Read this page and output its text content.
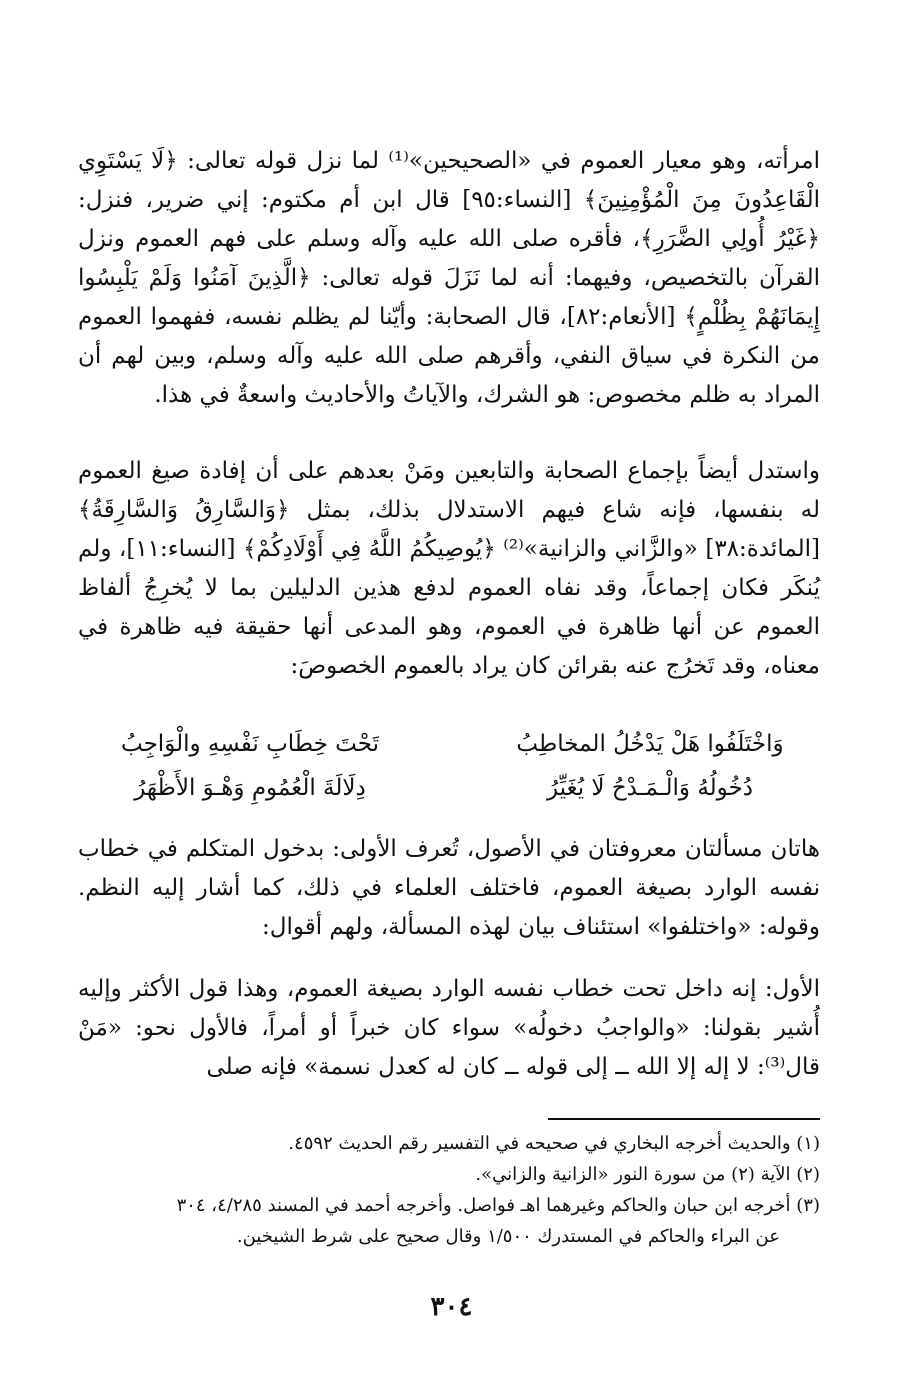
امرأته، وهو معيار العموم في «الصحيحين»⁽¹⁾ لما نزل قوله تعالى: ﴿لَا يَسْتَوِي الْقَاعِدُونَ مِنَ الْمُؤْمِنِينَ﴾ [النساء:٩٥] قال ابن أم مكتوم: إني ضرير، فنزل: ﴿غَيْرُ أُولِي الضَّرَرِ﴾، فأقره صلى الله عليه وآله وسلم على فهم العموم ونزل القرآن بالتخصيص، وفيهما: أنه لما نَزَلَ قوله تعالى: ﴿الَّذِينَ آمَنُوا وَلَمْ يَلْبِسُوا إِيمَانَهُمْ بِظُلْمٍ﴾ [الأنعام:٨٢]، قال الصحابة: وأيّنا لم يظلم نفسه، ففهموا العموم من النكرة في سياق النفي، وأقرهم صلى الله عليه وآله وسلم، وبين لهم أن المراد به ظلم مخصوص: هو الشرك، والآياتُ والأحاديث واسعةٌ في هذا.

واستدل أيضاً بإجماع الصحابة والتابعين ومَنْ بعدهم على أن إفادة صيغ العموم له بنفسها، فإنه شاع فيهم الاستدلال بذلك، بمثل ﴿وَالسَّارِقُ وَالسَّارِقَةُ﴾ [المائدة:٣٨] «والزَّاني والزانية»⁽²⁾ ﴿يُوصِيكُمُ اللَّهُ فِي أَوْلَادِكُمْ﴾ [النساء:١١]، ولم يُنكَر فكان إجماعاً، وقد نفاه العموم لدفع هذين الدليلين بما لا يُخرِجُ ألفاظ العموم عن أنها ظاهرة في العموم، وهو المدعى أنها حقيقة فيه ظاهرة في معناه، وقد تَخرُج عنه بقرائن كان يراد بالعموم الخصوصَ:

وَاخْتَلَفُوا هَلْ يَدْخُلُ المخاطِبُ
تَحْتَ خِطَابِ نَفْسِهِ والْوَاجِبُ
دُخُولُهُ وَالْـمَـدْحُ لَا يُغَيِّرُ
دِلَالَةَ الْعُمُومِ وَهْـوَ الأَظْهَرُ

هاتان مسألتان معروفتان في الأصول، تُعرف الأولى: بدخول المتكلم في خطاب نفسه الوارد بصيغة العموم، فاختلف العلماء في ذلك، كما أشار إليه النظم. وقوله: «واختلفوا» استئناف بيان لهذه المسألة، ولهم أقوال:

الأول: إنه داخل تحت خطاب نفسه الوارد بصيغة العموم، وهذا قول الأكثر وإليه أُشير بقولنا: «والواجبُ دخولُه» سواء كان خبراً أو أمراً، فالأول نحو: «مَنْ قال⁽³⁾: لا إله إلا الله ــ إلى قوله ــ كان له كعدل نسمة» فإنه صلى

(١) والحديث أخرجه البخاري في صحيحه في التفسير رقم الحديث ٤٥٩٢.

(٢) الآية (٢) من سورة النور «الزانية والزاني».

(٣) أخرجه ابن حبان والحاكم وغيرهما اهـ فواصل. وأخرجه أحمد في المسند ٤/٢٨٥، ٣٠٤

عن البراء والحاكم في المستدرك ١/٥٠٠ وقال صحيح على شرط الشيخين.

٣٠٤
